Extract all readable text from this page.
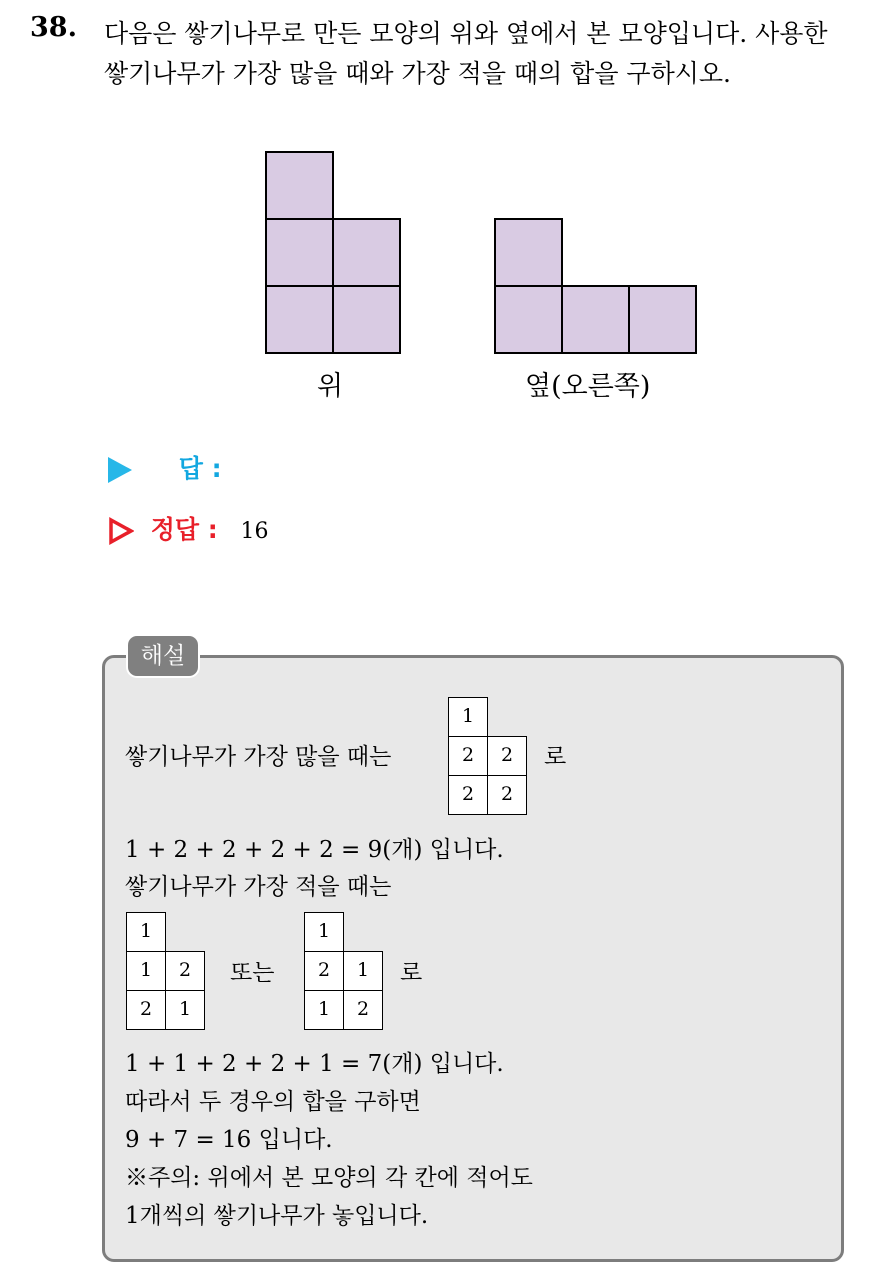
38. 다음은 쌓기나무로 만든 모양의 위와 옆에서 본 모양입니다. 사용한
쌓기나무가 가장 많을 때와 가장 적을 때의 합을 구하시오.
위	옆(오른쪽)
답 :
정답 : 16
해설
쌓기나무가 가장 많을 때는
1
2	2
2	2
로
1 + 2 + 2 + 2 + 2 = 9(개) 입니다.
쌓기나무가 가장 적을 때는
1
1	2
2	1
또는
1
2	1
1	2
로
1 + 1 + 2 + 2 + 1 = 7(개) 입니다.
따라서 두 경우의 합을 구하면
9 + 7 = 16 입니다.
※주의: 위에서 본 모양의 각 칸에 적어도
1개씩의 쌓기나무가 놓입니다.
